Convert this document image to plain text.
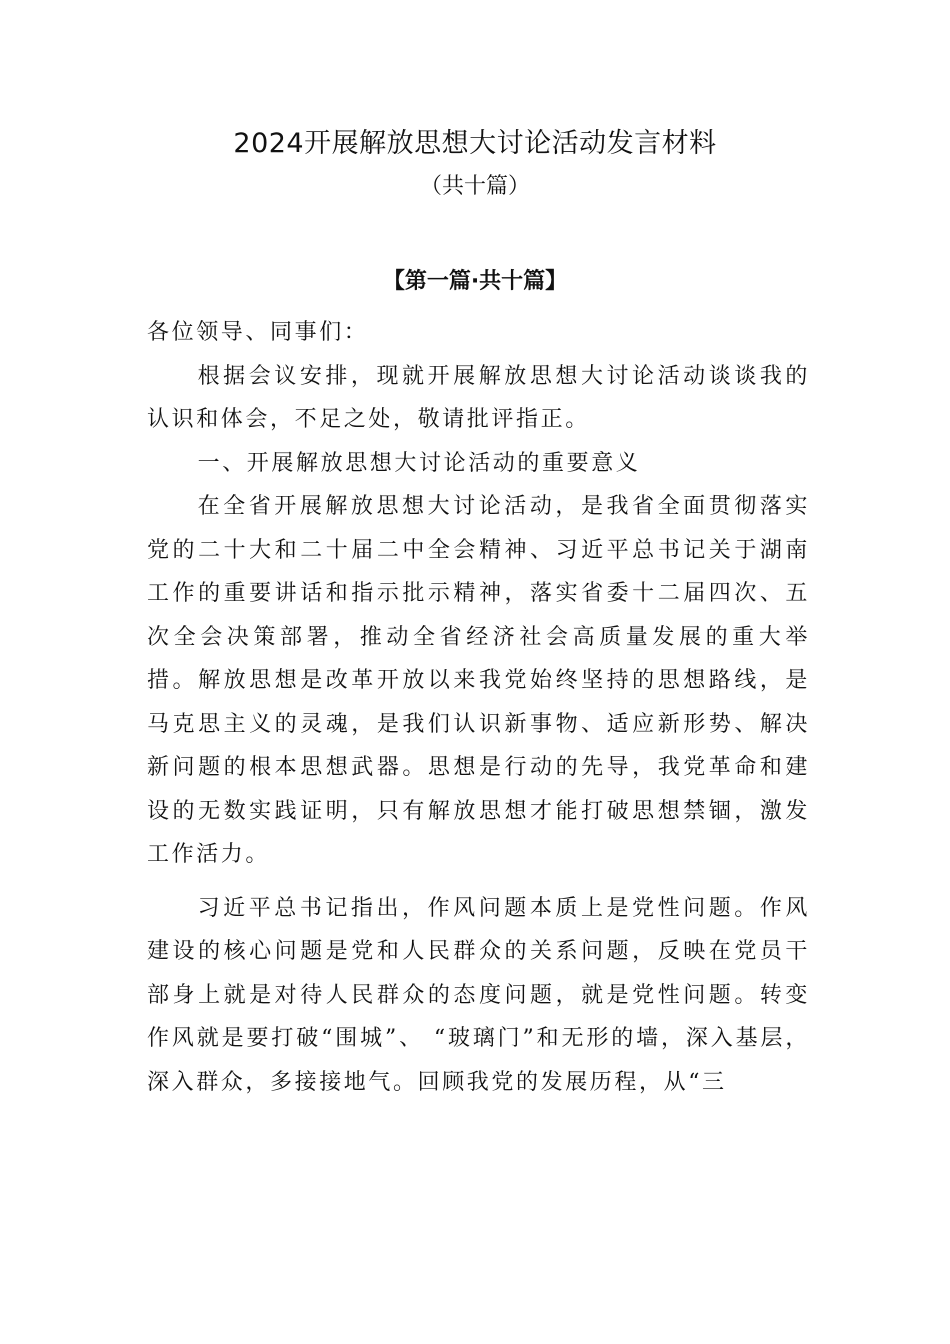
2024开展解放思想大讨论活动发言材料
（共十篇）
【第一篇·共十篇】

各位领导、同事们：

根据会议安排，现就开展解放思想大讨论活动谈谈我的认识和体会，不足之处，敬请批评指正。

一、开展解放思想大讨论活动的重要意义

在全省开展解放思想大讨论活动，是我省全面贯彻落实党的二十大和二十届二中全会精神、习近平总书记关于湖南工作的重要讲话和指示批示精神，落实省委十二届四次、五次全会决策部署，推动全省经济社会高质量发展的重大举措。解放思想是改革开放以来我党始终坚持的思想路线，是马克思主义的灵魂，是我们认识新事物、适应新形势、解决新问题的根本思想武器。思想是行动的先导，我党革命和建设的无数实践证明，只有解放思想才能打破思想禁锢，激发工作活力。

习近平总书记指出，作风问题本质上是党性问题。作风建设的核心问题是党和人民群众的关系问题，反映在党员干部身上就是对待人民群众的态度问题，就是党性问题。转变作风就是要打破“围城”、 “玻璃门”和无形的墙，深入基层，深入群众，多接接地气。回顾我党的发展历程，从“三
